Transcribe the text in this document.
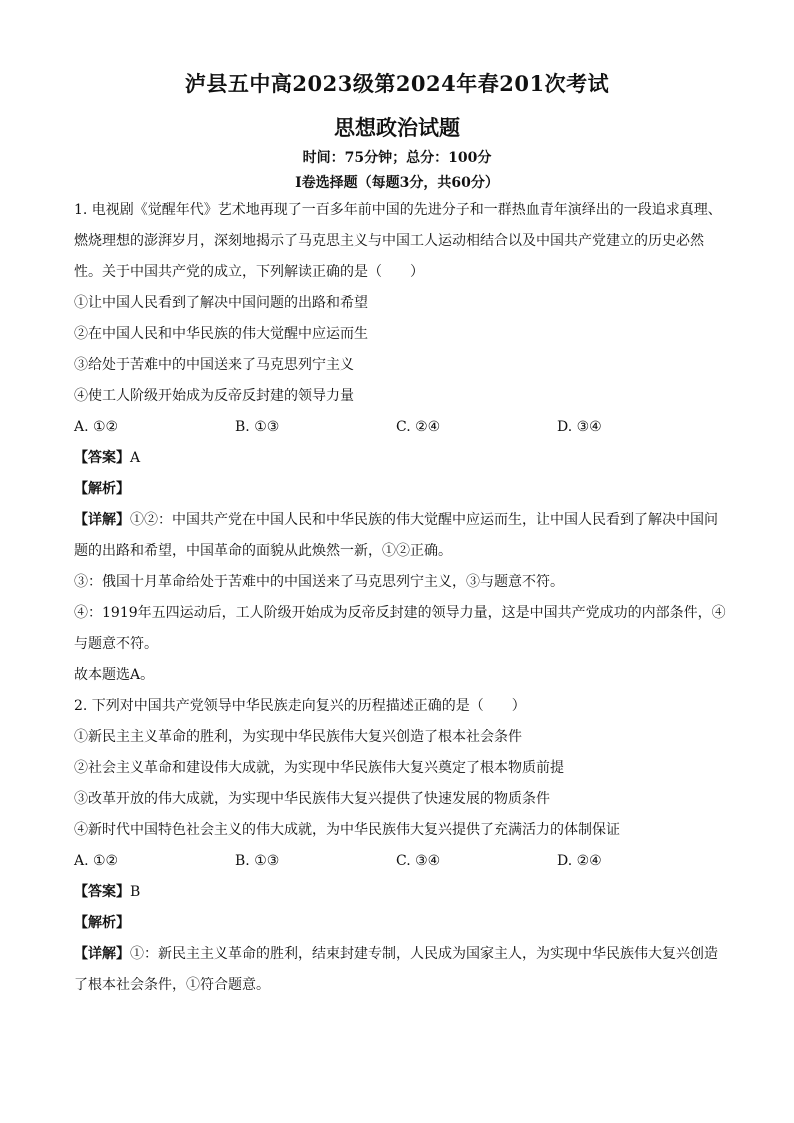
泸县五中高2023级第2024年春201次考试
思想政治试题
时间：75分钟；总分：100分
I卷选择题（每题3分，共60分）
1. 电视剧《觉醒年代》艺术地再现了一百多年前中国的先进分子和一群热血青年演绎出的一段追求真理、
燃烧理想的澎湃岁月，深刻地揭示了马克思主义与中国工人运动相结合以及中国共产党建立的历史必然
性。关于中国共产党的成立，下列解读正确的是（　　）
①让中国人民看到了解决中国问题的出路和希望
②在中国人民和中华民族的伟大觉醒中应运而生
③给处于苦难中的中国送来了马克思列宁主义
④使工人阶级开始成为反帝反封建的领导力量
A. ①②	B. ①③	C. ②④	D. ③④
【答案】A
【解析】
【详解】①②：中国共产党在中国人民和中华民族的伟大觉醒中应运而生，让中国人民看到了解决中国问
题的出路和希望，中国革命的面貌从此焕然一新，①②正确。
③：俄国十月革命给处于苦难中的中国送来了马克思列宁主义，③与题意不符。
④：1919年五四运动后，工人阶级开始成为反帝反封建的领导力量，这是中国共产党成功的内部条件，④
与题意不符。
故本题选A。
2. 下列对中国共产党领导中华民族走向复兴的历程描述正确的是（　　）
①新民主主义革命的胜利，为实现中华民族伟大复兴创造了根本社会条件
②社会主义革命和建设伟大成就，为实现中华民族伟大复兴奠定了根本物质前提
③改革开放的伟大成就，为实现中华民族伟大复兴提供了快速发展的物质条件
④新时代中国特色社会主义的伟大成就，为中华民族伟大复兴提供了充满活力的体制保证
A. ①②	B. ①③	C. ③④	D. ②④
【答案】B
【解析】
【详解】①：新民主主义革命的胜利，结束封建专制，人民成为国家主人，为实现中华民族伟大复兴创造
了根本社会条件，①符合题意。
